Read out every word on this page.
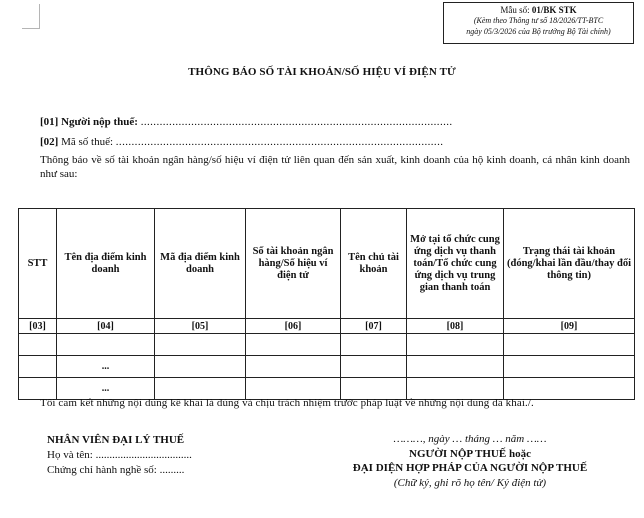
Mẫu số: 01/BK STK
(Kèm theo Thông tư số 18/2026/TT-BTC
ngày 05/3/2026 của Bộ trưởng Bộ Tài chính)
THÔNG BÁO SỐ TÀI KHOẢN/SỐ HIỆU VÍ ĐIỆN TỬ
[01] Người nộp thuế: ...................................................................................................
[02] Mã số thuế: ........................................................................................................
Thông báo về số tài khoản ngân hàng/số hiệu ví điện tử liên quan đến sản xuất, kinh doanh của hộ kinh doanh, cá nhân kinh doanh như sau:
STT	Tên địa điểm kinh doanh	Mã địa điểm kinh doanh	Số tài khoản ngân hàng/Số hiệu ví điện tử	Tên chủ tài khoản	Mở tại tổ chức cung ứng dịch vụ thanh toán/Tổ chức cung ứng dịch vụ trung gian thanh toán	Trạng thái tài khoản (đóng/khai lần đầu/thay đổi thông tin)
[03]	[04]	[05]	[06]	[07]	[08]	[09]

	...					
	...					
Tôi cam kết những nội dung kê khai là đúng và chịu trách nhiệm trước pháp luật về những nội dung đã khai./.
NHÂN VIÊN ĐẠI LÝ THUẾ
Họ và tên: ...................................
Chứng chỉ hành nghề số: .........
………, ngày … tháng … năm ……
NGƯỜI NỘP THUẾ hoặc
ĐẠI DIỆN HỢP PHÁP CỦA NGƯỜI NỘP THUẾ
(Chữ ký, ghi rõ họ tên/ Ký điện tử)
